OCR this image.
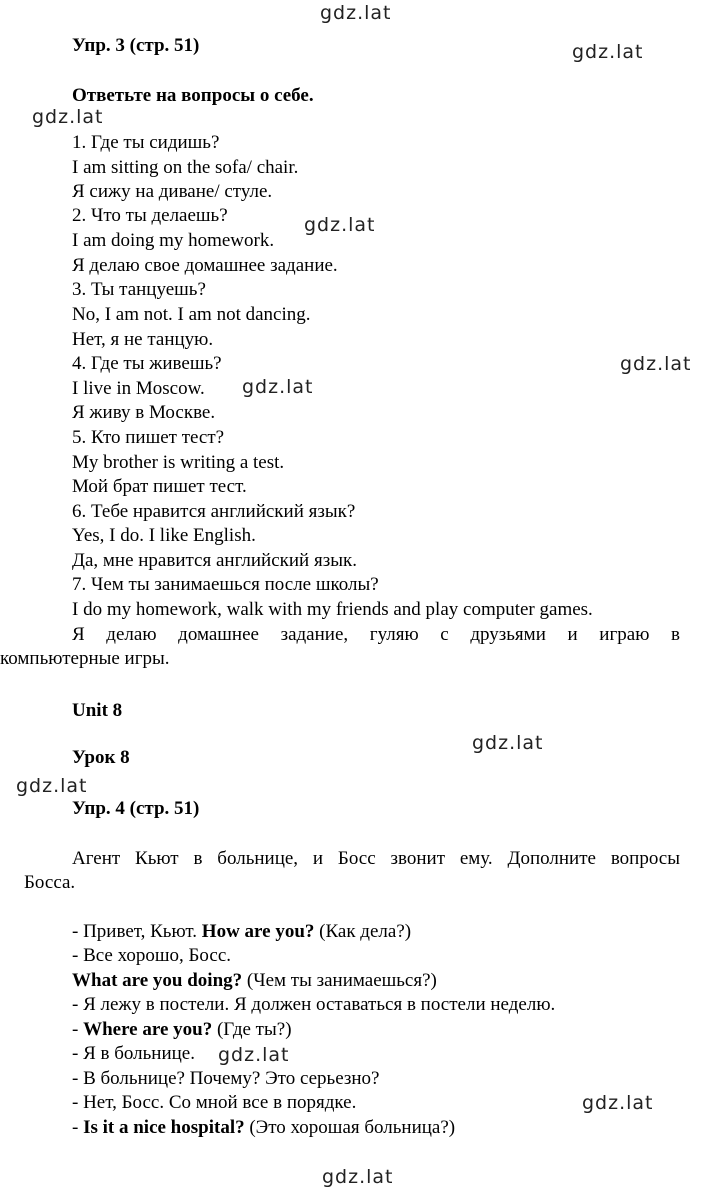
Упр. 3 (стр. 51)
Ответьте на вопросы о себе.
1. Где ты сидишь?
I am sitting on the sofa/ chair.
Я сижу на диване/ стуле.
2. Что ты делаешь?
I am doing my homework.
Я делаю свое домашнее задание.
3. Ты танцуешь?
No, I am not. I am not dancing.
Нет, я не танцую.
4. Где ты живешь?
I live in Moscow.
Я живу в Москве.
5. Кто пишет тест?
My brother is writing a test.
Мой брат пишет тест.
6. Тебе нравится английский язык?
Yes, I do. I like English.
Да, мне нравится английский язык.
7. Чем ты занимаешься после школы?
I do my homework, walk with my friends and play computer games.
Я делаю домашнее задание, гуляю с друзьями и играю в
компьютерные игры.
Unit 8
Урок 8
Упр. 4 (стр. 51)
Агент Кьют в больнице, и Босс звонит ему. Дополните вопросы
Босса.
- Привет, Кьют. How are you? (Как дела?)
- Все хорошо, Босс.
What are you doing? (Чем ты занимаешься?)
- Я лежу в постели. Я должен оставаться в постели неделю.
- Where are you? (Где ты?)
- Я в больнице.
- В больнице? Почему? Это серьезно?
- Нет, Босс. Со мной все в порядке.
- Is it a nice hospital? (Это хорошая больница?)
gdz.lat
gdz.lat
gdz.lat
gdz.lat
gdz.lat
gdz.lat
gdz.lat
gdz.lat
gdz.lat
gdz.lat
gdz.lat
